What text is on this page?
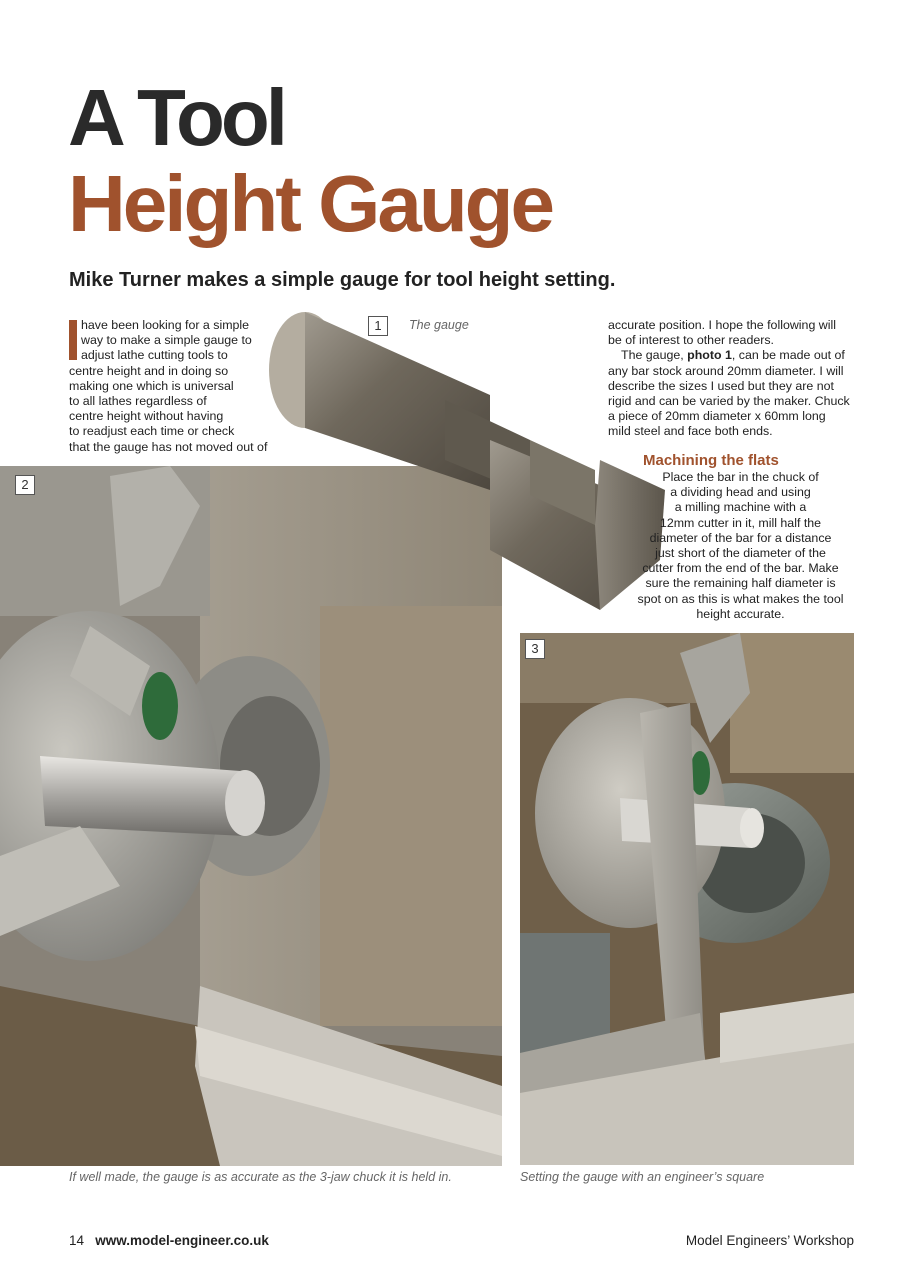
A Tool
Height Gauge
Mike Turner makes a simple gauge for tool height setting.
have been looking for a simple
way to make a simple gauge to
adjust lathe cutting tools to
centre height and in doing so
making one which is universal
to all lathes regardless of
centre height without having
to readjust each time or check
that the gauge has not moved out of
2
1	The gauge	accurate position. I hope the following will
be of interest to other readers.
The gauge, photo 1, can be made out of
any bar stock around 20mm diameter. I will
describe the sizes I used but they are not
rigid and can be varied by the maker. Chuck
a piece of 20mm diameter x 60mm long
mild steel and face both ends.
Machining the flats
Place the bar in the chuck of
a dividing head and using
a milling machine with a
12mm cutter in it, mill half the
diameter of the bar for a distance
just short of the diameter of the
cutter from the end of the bar. Make
sure the remaining half diameter is
spot on as this is what makes the tool
height accurate.
3
If well made, the gauge is as accurate as the 3-jaw chuck it is held in.	Setting the gauge with an engineer’s square
14 www.model-engineer.co.uk	Model Engineers’ Workshop
